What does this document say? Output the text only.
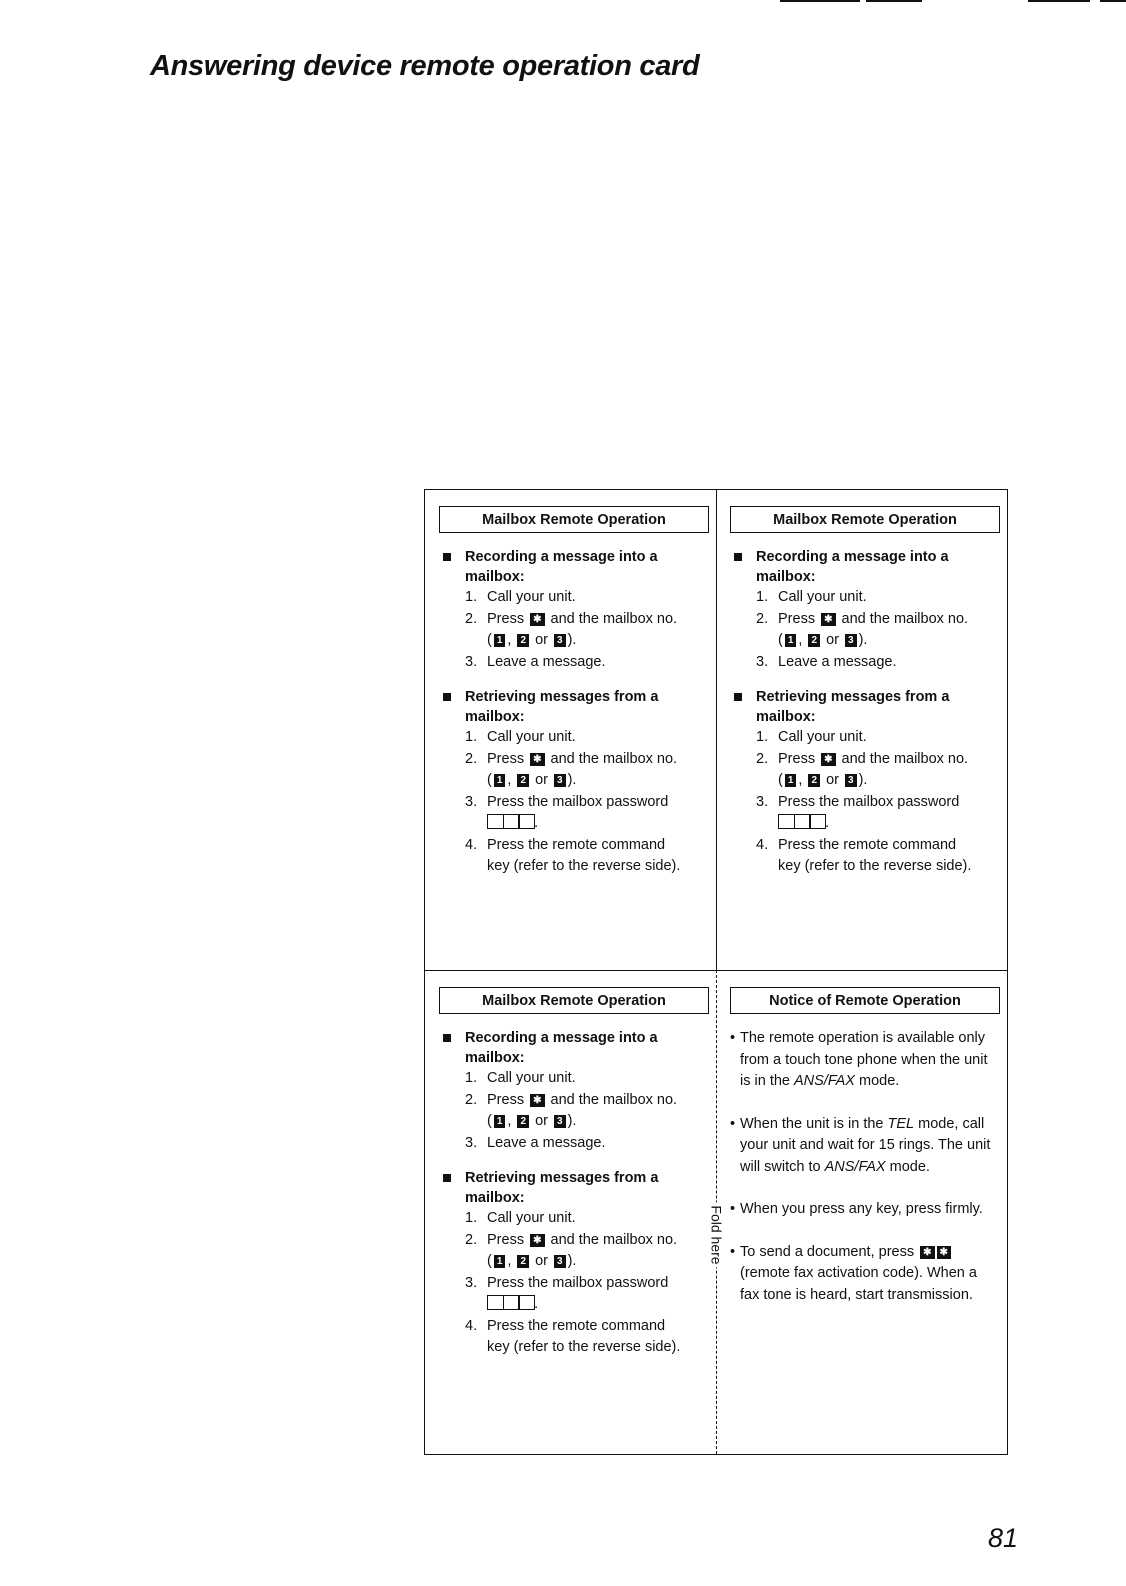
Answering device remote operation card
Fold here
Mailbox Remote Operation
Recording a message into a
mailbox:
1. Call your unit.
2. Press ✱ and the mailbox no.
( 1 , 2 or 3 ).
3. Leave a message.
Retrieving messages from a
mailbox:
1. Call your unit.
2. Press ✱ and the mailbox no.
( 1 , 2 or 3 ).
3. Press the mailbox password
.
4. Press the remote command
key (refer to the reverse side).
Mailbox Remote Operation
Recording a message into a
mailbox:
1. Call your unit.
2. Press ✱ and the mailbox no.
( 1 , 2 or 3 ).
3. Leave a message.
Retrieving messages from a
mailbox:
1. Call your unit.
2. Press ✱ and the mailbox no.
( 1 , 2 or 3 ).
3. Press the mailbox password
.
4. Press the remote command
key (refer to the reverse side).
Mailbox Remote Operation
Recording a message into a
mailbox:
1. Call your unit.
2. Press ✱ and the mailbox no.
( 1 , 2 or 3 ).
3. Leave a message.
Retrieving messages from a
mailbox:
1. Call your unit.
2. Press ✱ and the mailbox no.
( 1 , 2 or 3 ).
3. Press the mailbox password
.
4. Press the remote command
key (refer to the reverse side).
Notice of Remote Operation

• The remote operation is available only from a touch tone phone when the unit is in the ANS/FAX mode.

• When the unit is in the TEL mode, call your unit and wait for 15 rings. The unit will switch to ANS/FAX mode.

• When you press any key, press firmly.

• To send a document, press ✱ ✱ (remote fax activation code). When a fax tone is heard, start transmission.

81
